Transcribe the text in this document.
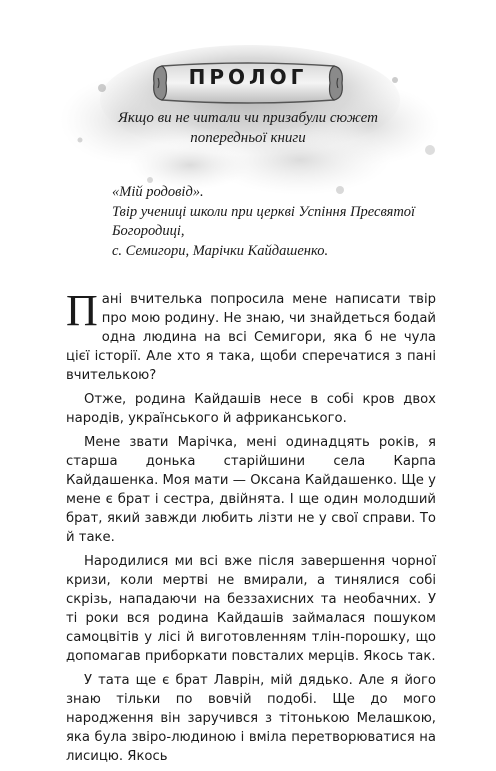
ПРОЛОГ
Якщо ви не читали чи призабули сюжет
попередньої книги
«Мій родовід».
Твір учениці школи при церкві Успіння Пресвятої
Богородиці,
с. Семигори, Марічки Кайдашенко.

Пані вчителька попросила мене написати твір про мою родину. Не знаю, чи знайдеться бодай одна людина на всі Семигори, яка б не чула цієї історії. Але хто я така, щоби сперечатися з пані вчителькою?

Отже, родина Кайдашів несе в собі кров двох народів, українського й африканського.

Мене звати Марічка, мені одинадцять років, я старша донька старійшини села Карпа Кайдашенка. Моя мати — Оксана Кайдашенко. Ще у мене є брат і сестра, двійнята. І ще один молодший брат, який завжди любить лізти не у свої справи. То й таке.

Народилися ми всі вже після завершення чорної кризи, коли мертві не вмирали, а тинялися собі скрізь, нападаючи на беззахисних та необачних. У ті роки вся родина Кайдашів займалася пошуком самоцвітів у лісі й виготовленням тлін-порошку, що допомагав приборкати повсталих мерців. Якось так.

У тата ще є брат Лаврін, мій дядько. Але я його знаю тільки по вовчій подобі. Ще до мого народження він заручився з тітонькою Мелашкою, яка була звіро-людиною і вміла перетворюватися на лисицю. Якось
